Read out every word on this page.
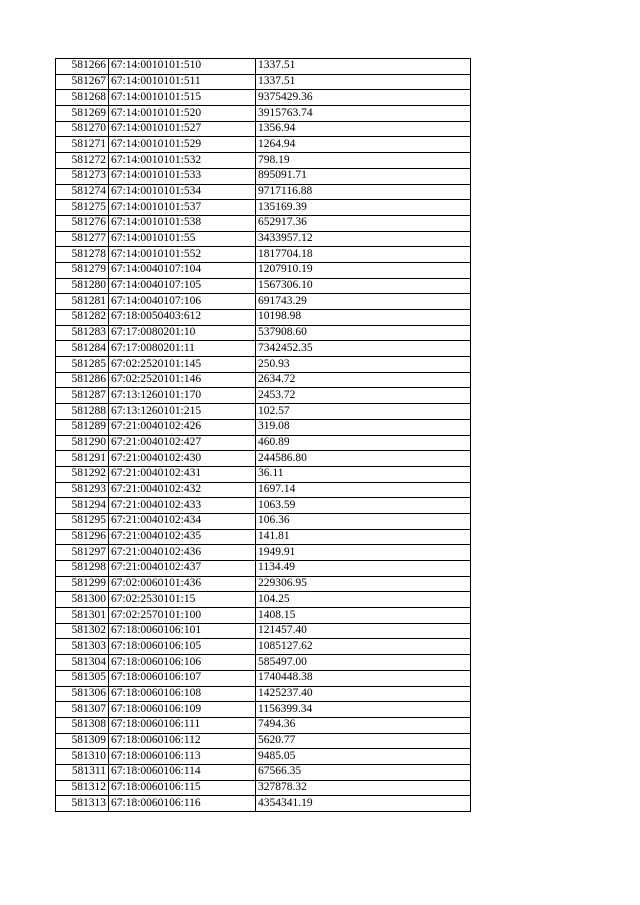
581266	67:14:0010101:510	1337.51
581267	67:14:0010101:511	1337.51
581268	67:14:0010101:515	9375429.36
581269	67:14:0010101:520	3915763.74
581270	67:14:0010101:527	1356.94
581271	67:14:0010101:529	1264.94
581272	67:14:0010101:532	798.19
581273	67:14:0010101:533	895091.71
581274	67:14:0010101:534	9717116.88
581275	67:14:0010101:537	135169.39
581276	67:14:0010101:538	652917.36
581277	67:14:0010101:55	3433957.12
581278	67:14:0010101:552	1817704.18
581279	67:14:0040107:104	1207910.19
581280	67:14:0040107:105	1567306.10
581281	67:14:0040107:106	691743.29
581282	67:18:0050403:612	10198.98
581283	67:17:0080201:10	537908.60
581284	67:17:0080201:11	7342452.35
581285	67:02:2520101:145	250.93
581286	67:02:2520101:146	2634.72
581287	67:13:1260101:170	2453.72
581288	67:13:1260101:215	102.57
581289	67:21:0040102:426	319.08
581290	67:21:0040102:427	460.89
581291	67:21:0040102:430	244586.80
581292	67:21:0040102:431	36.11
581293	67:21:0040102:432	1697.14
581294	67:21:0040102:433	1063.59
581295	67:21:0040102:434	106.36
581296	67:21:0040102:435	141.81
581297	67:21:0040102:436	1949.91
581298	67:21:0040102:437	1134.49
581299	67:02:0060101:436	229306.95
581300	67:02:2530101:15	104.25
581301	67:02:2570101:100	1408.15
581302	67:18:0060106:101	121457.40
581303	67:18:0060106:105	1085127.62
581304	67:18:0060106:106	585497.00
581305	67:18:0060106:107	1740448.38
581306	67:18:0060106:108	1425237.40
581307	67:18:0060106:109	1156399.34
581308	67:18:0060106:111	7494.36
581309	67:18:0060106:112	5620.77
581310	67:18:0060106:113	9485.05
581311	67:18:0060106:114	67566.35
581312	67:18:0060106:115	327878.32
581313	67:18:0060106:116	4354341.19
